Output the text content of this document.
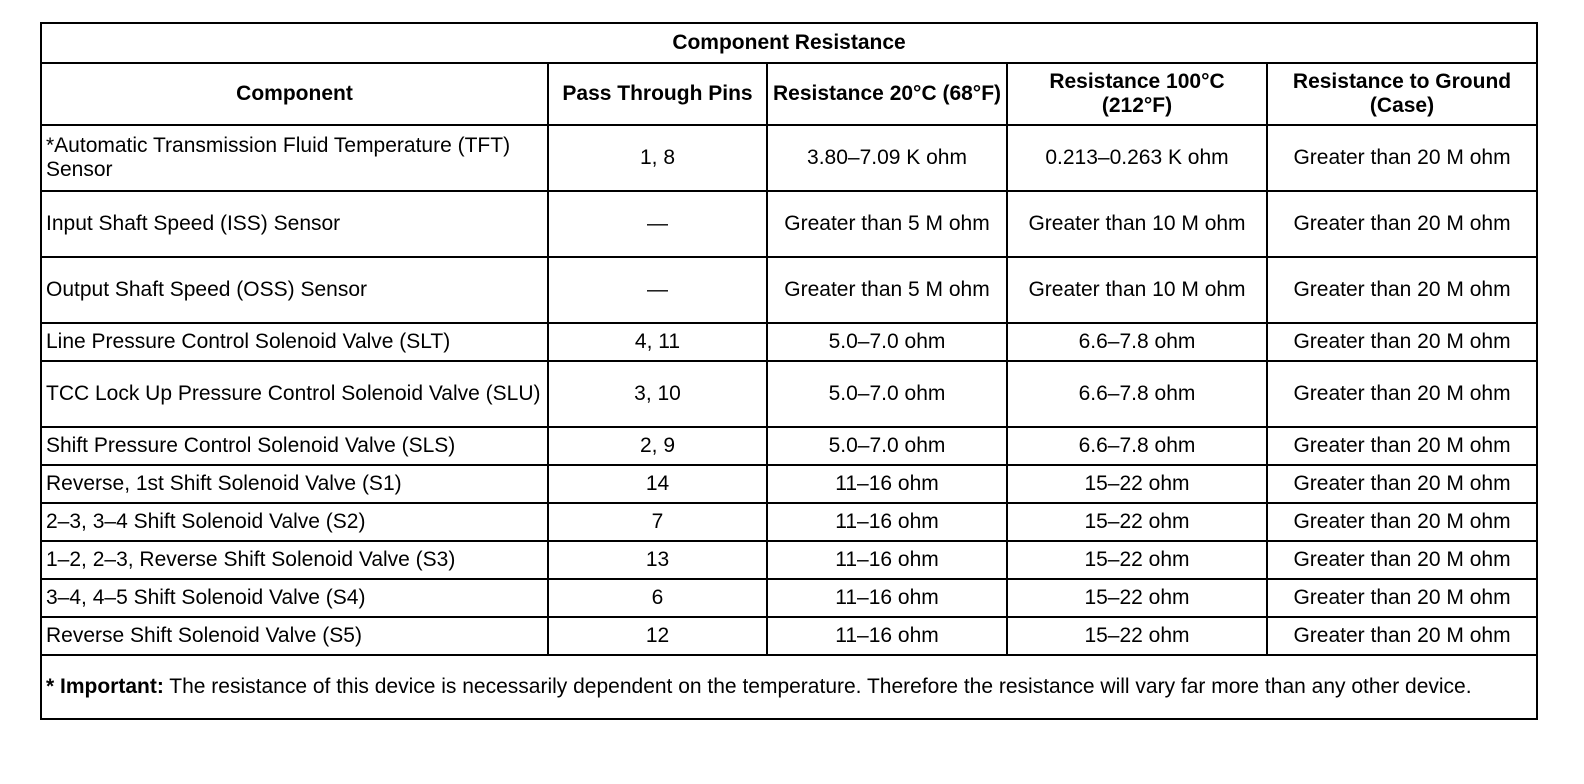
Component Resistance				
Component	Pass Through Pins	Resistance 20°C (68°F)	Resistance 100°C (212°F)	Resistance to Ground (Case)
*Automatic Transmission Fluid Temperature (TFT) Sensor	1, 8	3.80–7.09 K ohm	0.213–0.263 K ohm	Greater than 20 M ohm
Input Shaft Speed (ISS) Sensor	—	Greater than 5 M ohm	Greater than 10 M ohm	Greater than 20 M ohm
Output Shaft Speed (OSS) Sensor	—	Greater than 5 M ohm	Greater than 10 M ohm	Greater than 20 M ohm
Line Pressure Control Solenoid Valve (SLT)	4, 11	5.0–7.0 ohm	6.6–7.8 ohm	Greater than 20 M ohm
TCC Lock Up Pressure Control Solenoid Valve (SLU)	3, 10	5.0–7.0 ohm	6.6–7.8 ohm	Greater than 20 M ohm
Shift Pressure Control Solenoid Valve (SLS)	2, 9	5.0–7.0 ohm	6.6–7.8 ohm	Greater than 20 M ohm
Reverse, 1st Shift Solenoid Valve (S1)	14	11–16 ohm	15–22 ohm	Greater than 20 M ohm
2–3, 3–4 Shift Solenoid Valve (S2)	7	11–16 ohm	15–22 ohm	Greater than 20 M ohm
1–2, 2–3, Reverse Shift Solenoid Valve (S3)	13	11–16 ohm	15–22 ohm	Greater than 20 M ohm
3–4, 4–5 Shift Solenoid Valve (S4)	6	11–16 ohm	15–22 ohm	Greater than 20 M ohm
Reverse Shift Solenoid Valve (S5)	12	11–16 ohm	15–22 ohm	Greater than 20 M ohm
* Important: The resistance of this device is necessarily dependent on the temperature. Therefore the resistance will vary far more than any other device.				
